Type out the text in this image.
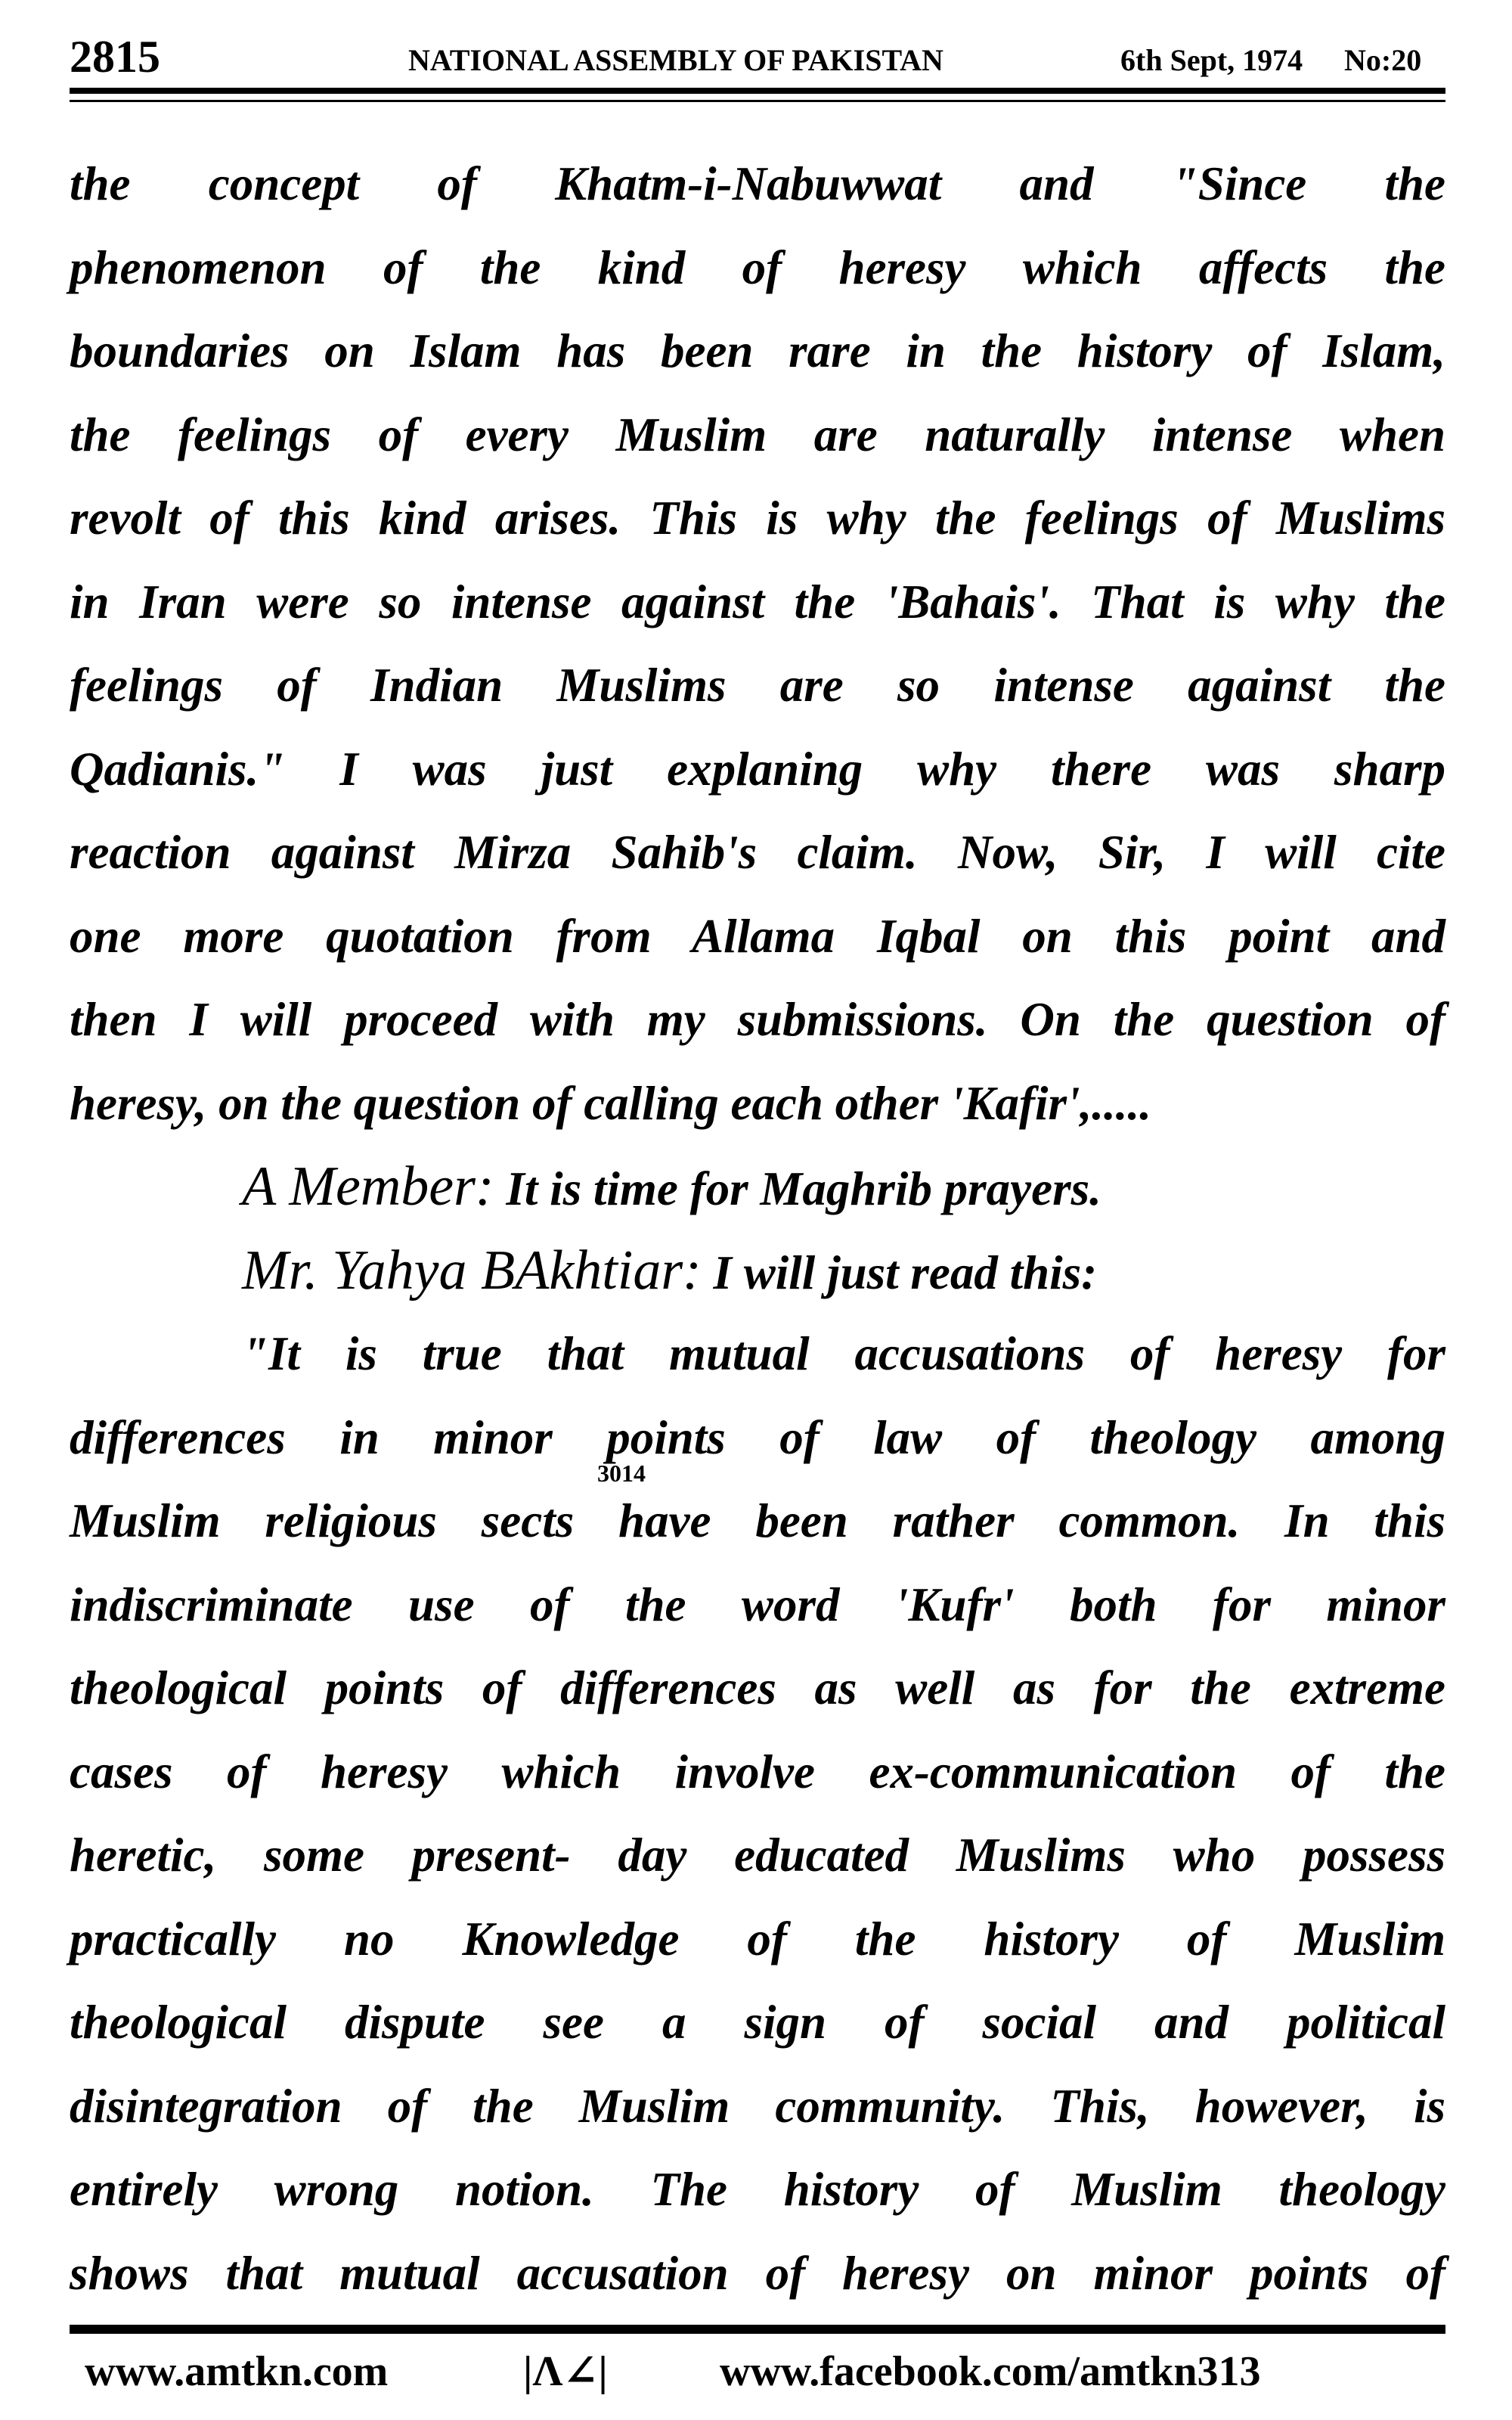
2815	NATIONAL ASSEMBLY OF PAKISTAN	6th Sept, 1974 No:20
the concept of Khatm-i-Nabuwwat and "Since the
phenomenon of the kind of heresy which affects the
boundaries on Islam has been rare in the history of Islam,
the feelings of every Muslim are naturally intense when
revolt of this kind arises. This is why the feelings of Muslims
in Iran were so intense against the 'Bahais'. That is why the
feelings of Indian Muslims are so intense against the
Qadianis." I was just explaning why there was sharp
reaction against Mirza Sahib's claim. Now, Sir, I will cite
one more quotation from Allama Iqbal on this point and
then I will proceed with my submissions. On the question of
heresy, on the question of calling each other 'Kafir',.....
A Member: It is time for Maghrib prayers.
Mr. Yahya BAkhtiar: I will just read this:
"It is true that mutual accusations of heresy for
differences in minor points of law of theology among
Muslim religious sects have been rather common. In this
indiscriminate use of the word 'Kufr' both for minor
theological points of differences as well as for the extreme
cases of heresy which involve ex-communication of the
heretic, some present- day educated Muslims who possess
practically no Knowledge of the history of Muslim
theological dispute see a sign of social and political
disintegration of the Muslim community. This, however, is
entirely wrong notion. The history of Muslim theology
shows that mutual accusation of heresy on minor points of
3014
www.amtkn.com	|Λ∠|	www.facebook.com/amtkn313
